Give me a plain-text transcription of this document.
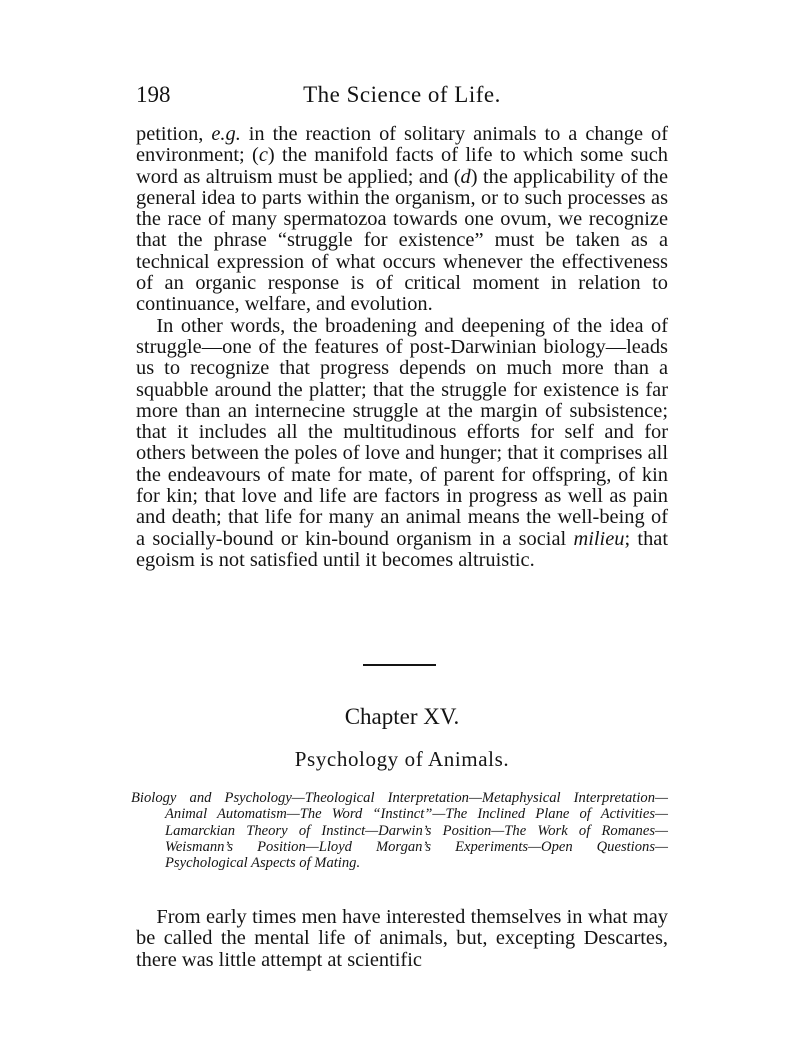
198	The Science of Life.

petition, e.g. in the reaction of solitary animals to a change of environment; (c) the manifold facts of life to which some such word as altruism must be applied; and (d) the applicability of the general idea to parts within the organism, or to such processes as the race of many spermatozoa towards one ovum, we recognize that the phrase “struggle for existence” must be taken as a technical expression of what occurs whenever the effectiveness of an organic response is of critical moment in relation to continuance, welfare, and evolution.

In other words, the broadening and deepening of the idea of struggle—one of the features of post-Darwinian biology—leads us to recognize that progress depends on much more than a squabble around the platter; that the struggle for existence is far more than an internecine struggle at the margin of subsistence; that it includes all the multitudinous efforts for self and for others between the poles of love and hunger; that it comprises all the endeavours of mate for mate, of parent for offspring, of kin for kin; that love and life are factors in progress as well as pain and death; that life for many an animal means the well-being of a socially-bound or kin-bound organism in a social milieu; that egoism is not satisfied until it becomes altruistic.

Chapter XV.
Psychology of Animals.
Biology and Psychology—Theological Interpretation—Metaphysical Interpretation—Animal Automatism—The Word “Instinct”—The Inclined Plane of Activities—Lamarckian Theory of Instinct—Darwin’s Position—The Work of Romanes—Weismann’s Position—Lloyd Morgan’s Experiments—Open Questions—Psychological Aspects of Mating.

From early times men have interested themselves in what may be called the mental life of animals, but, excepting Descartes, there was little attempt at scientific
